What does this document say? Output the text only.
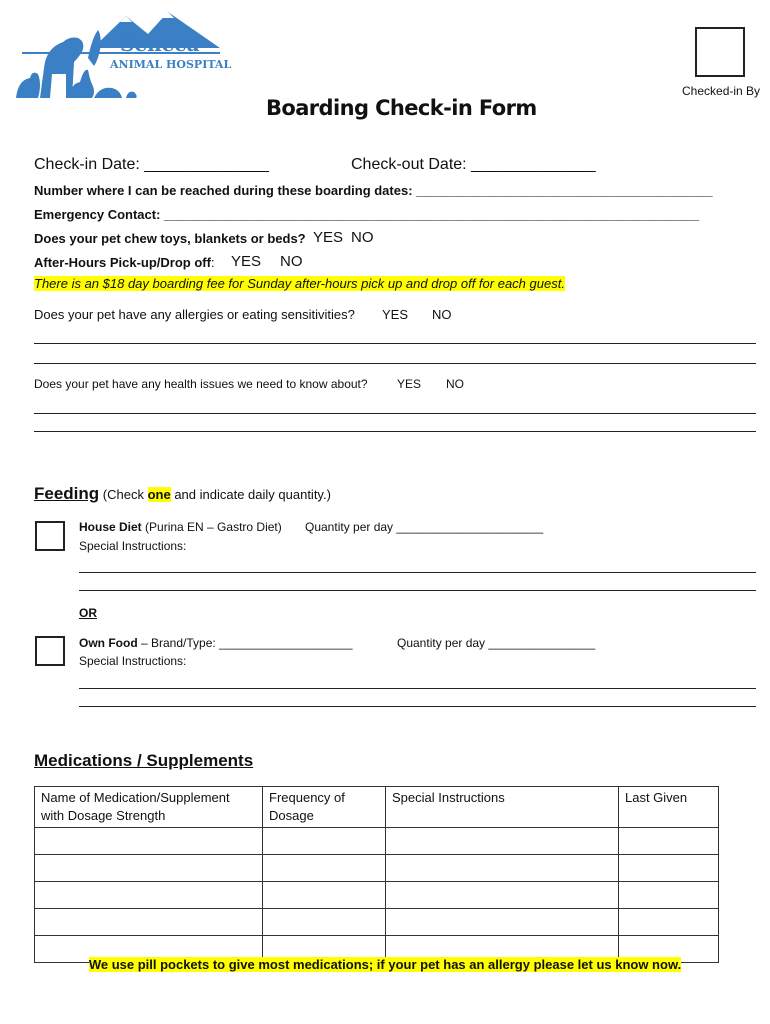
Seneca
ANIMAL HOSPITAL
Checked-in By
Boarding Check-in Form
Check-in Date: ______________	Check-out Date: ______________
Number where I can be reached during these boarding dates: _________________________________________
Emergency Contact: __________________________________________________________________________
Does your pet chew toys, blankets or beds? YES NO
After-Hours Pick-up/Drop off: YES NO
There is an $18 day boarding fee for Sunday after-hours pick up and drop off for each guest.
Does your pet have any allergies or eating sensitivities? YES NO
Does your pet have any health issues we need to know about? YES NO
Feeding (Check one and indicate daily quantity.)
House Diet (Purina EN – Gastro Diet) Quantity per day ______________________
Special Instructions:
OR
Own Food – Brand/Type: ____________________	Quantity per day ________________
Special Instructions:
Medications / Supplements
Name of Medication/Supplement with Dosage Strength	Frequency of Dosage	Special Instructions	Last Given

We use pill pockets to give most medications; if your pet has an allergy please let us know now.
